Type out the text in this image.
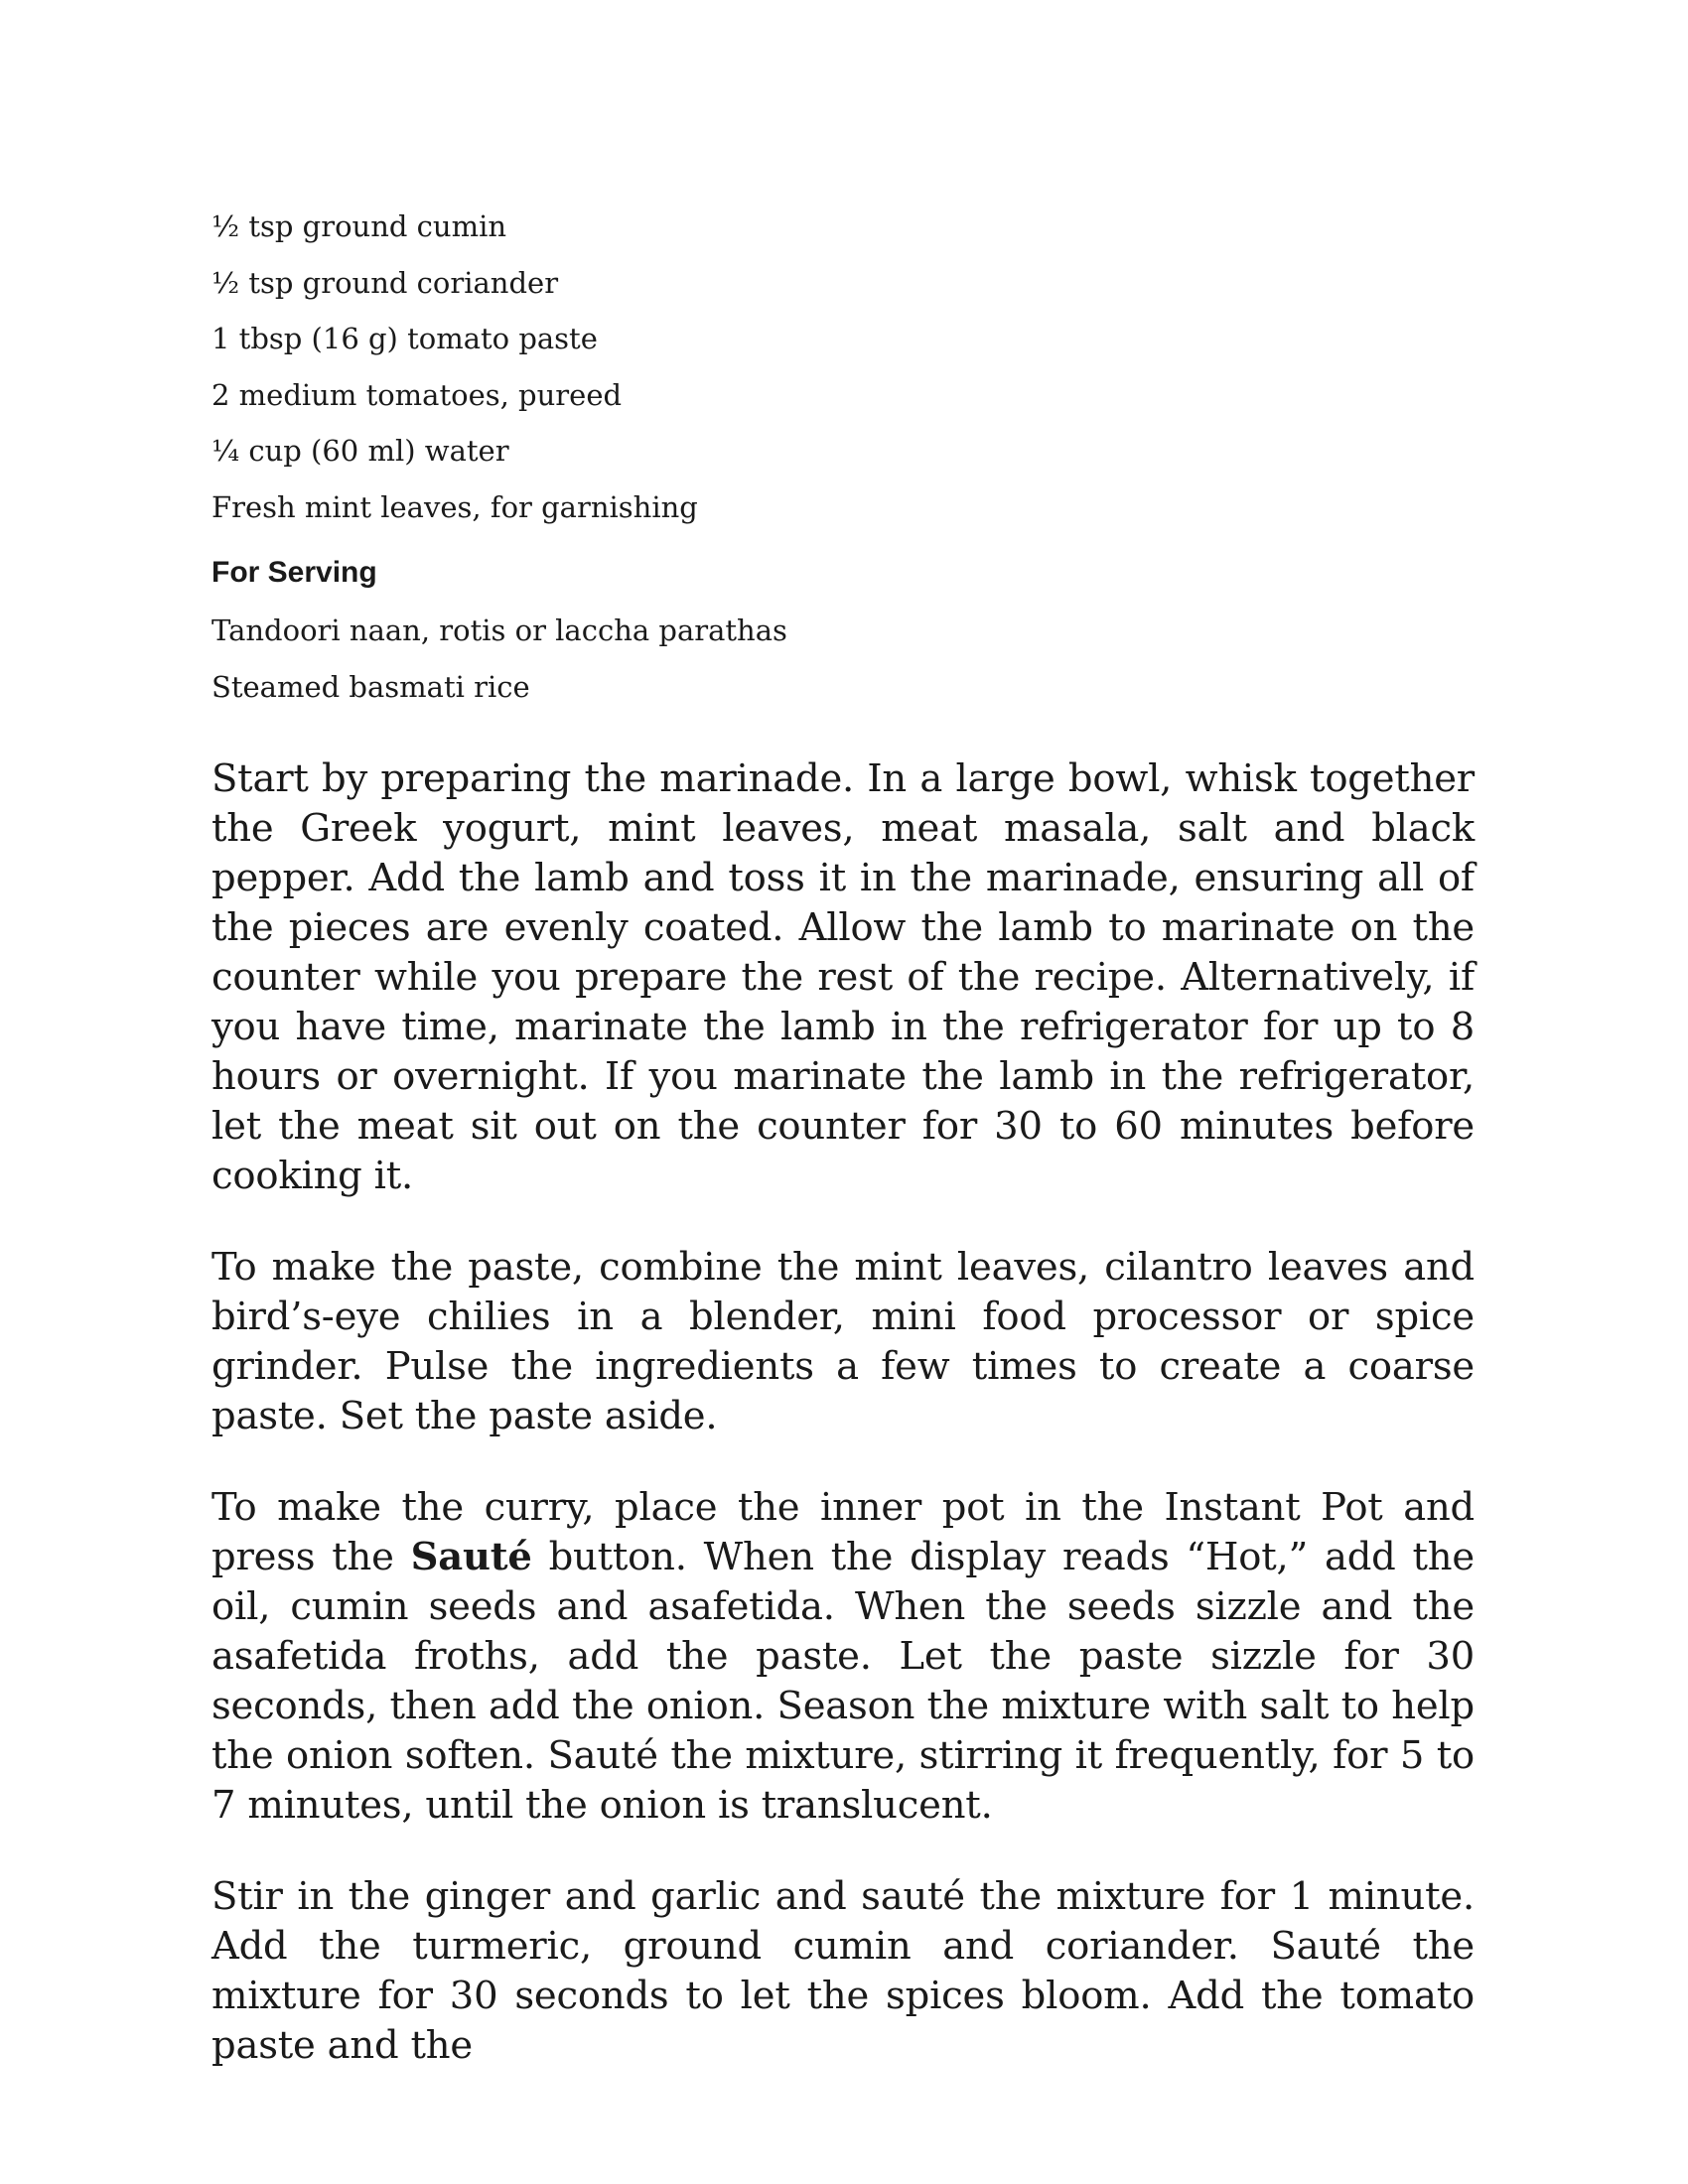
½ tsp ground cumin
½ tsp ground coriander
1 tbsp (16 g) tomato paste
2 medium tomatoes, pureed
¼ cup (60 ml) water
Fresh mint leaves, for garnishing
For Serving
Tandoori naan, rotis or laccha parathas
Steamed basmati rice

Start by preparing the marinade. In a large bowl, whisk together the Greek yogurt, mint leaves, meat masala, salt and black pepper. Add the lamb and toss it in the marinade, ensuring all of the pieces are evenly coated. Allow the lamb to marinate on the counter while you prepare the rest of the recipe. Alternatively, if you have time, marinate the lamb in the refrigerator for up to 8 hours or overnight. If you marinate the lamb in the refrigerator, let the meat sit out on the counter for 30 to 60 minutes before cooking it.

To make the paste, combine the mint leaves, cilantro leaves and bird’s-eye chilies in a blender, mini food processor or spice grinder. Pulse the ingredients a few times to create a coarse paste. Set the paste aside.

To make the curry, place the inner pot in the Instant Pot and press the Sauté button. When the display reads “Hot,” add the oil, cumin seeds and asafetida. When the seeds sizzle and the asafetida froths, add the paste. Let the paste sizzle for 30 seconds, then add the onion. Season the mixture with salt to help the onion soften. Sauté the mixture, stirring it frequently, for 5 to 7 minutes, until the onion is translucent.

Stir in the ginger and garlic and sauté the mixture for 1 minute. Add the turmeric, ground cumin and coriander. Sauté the mixture for 30 seconds to let the spices bloom. Add the tomato paste and the
